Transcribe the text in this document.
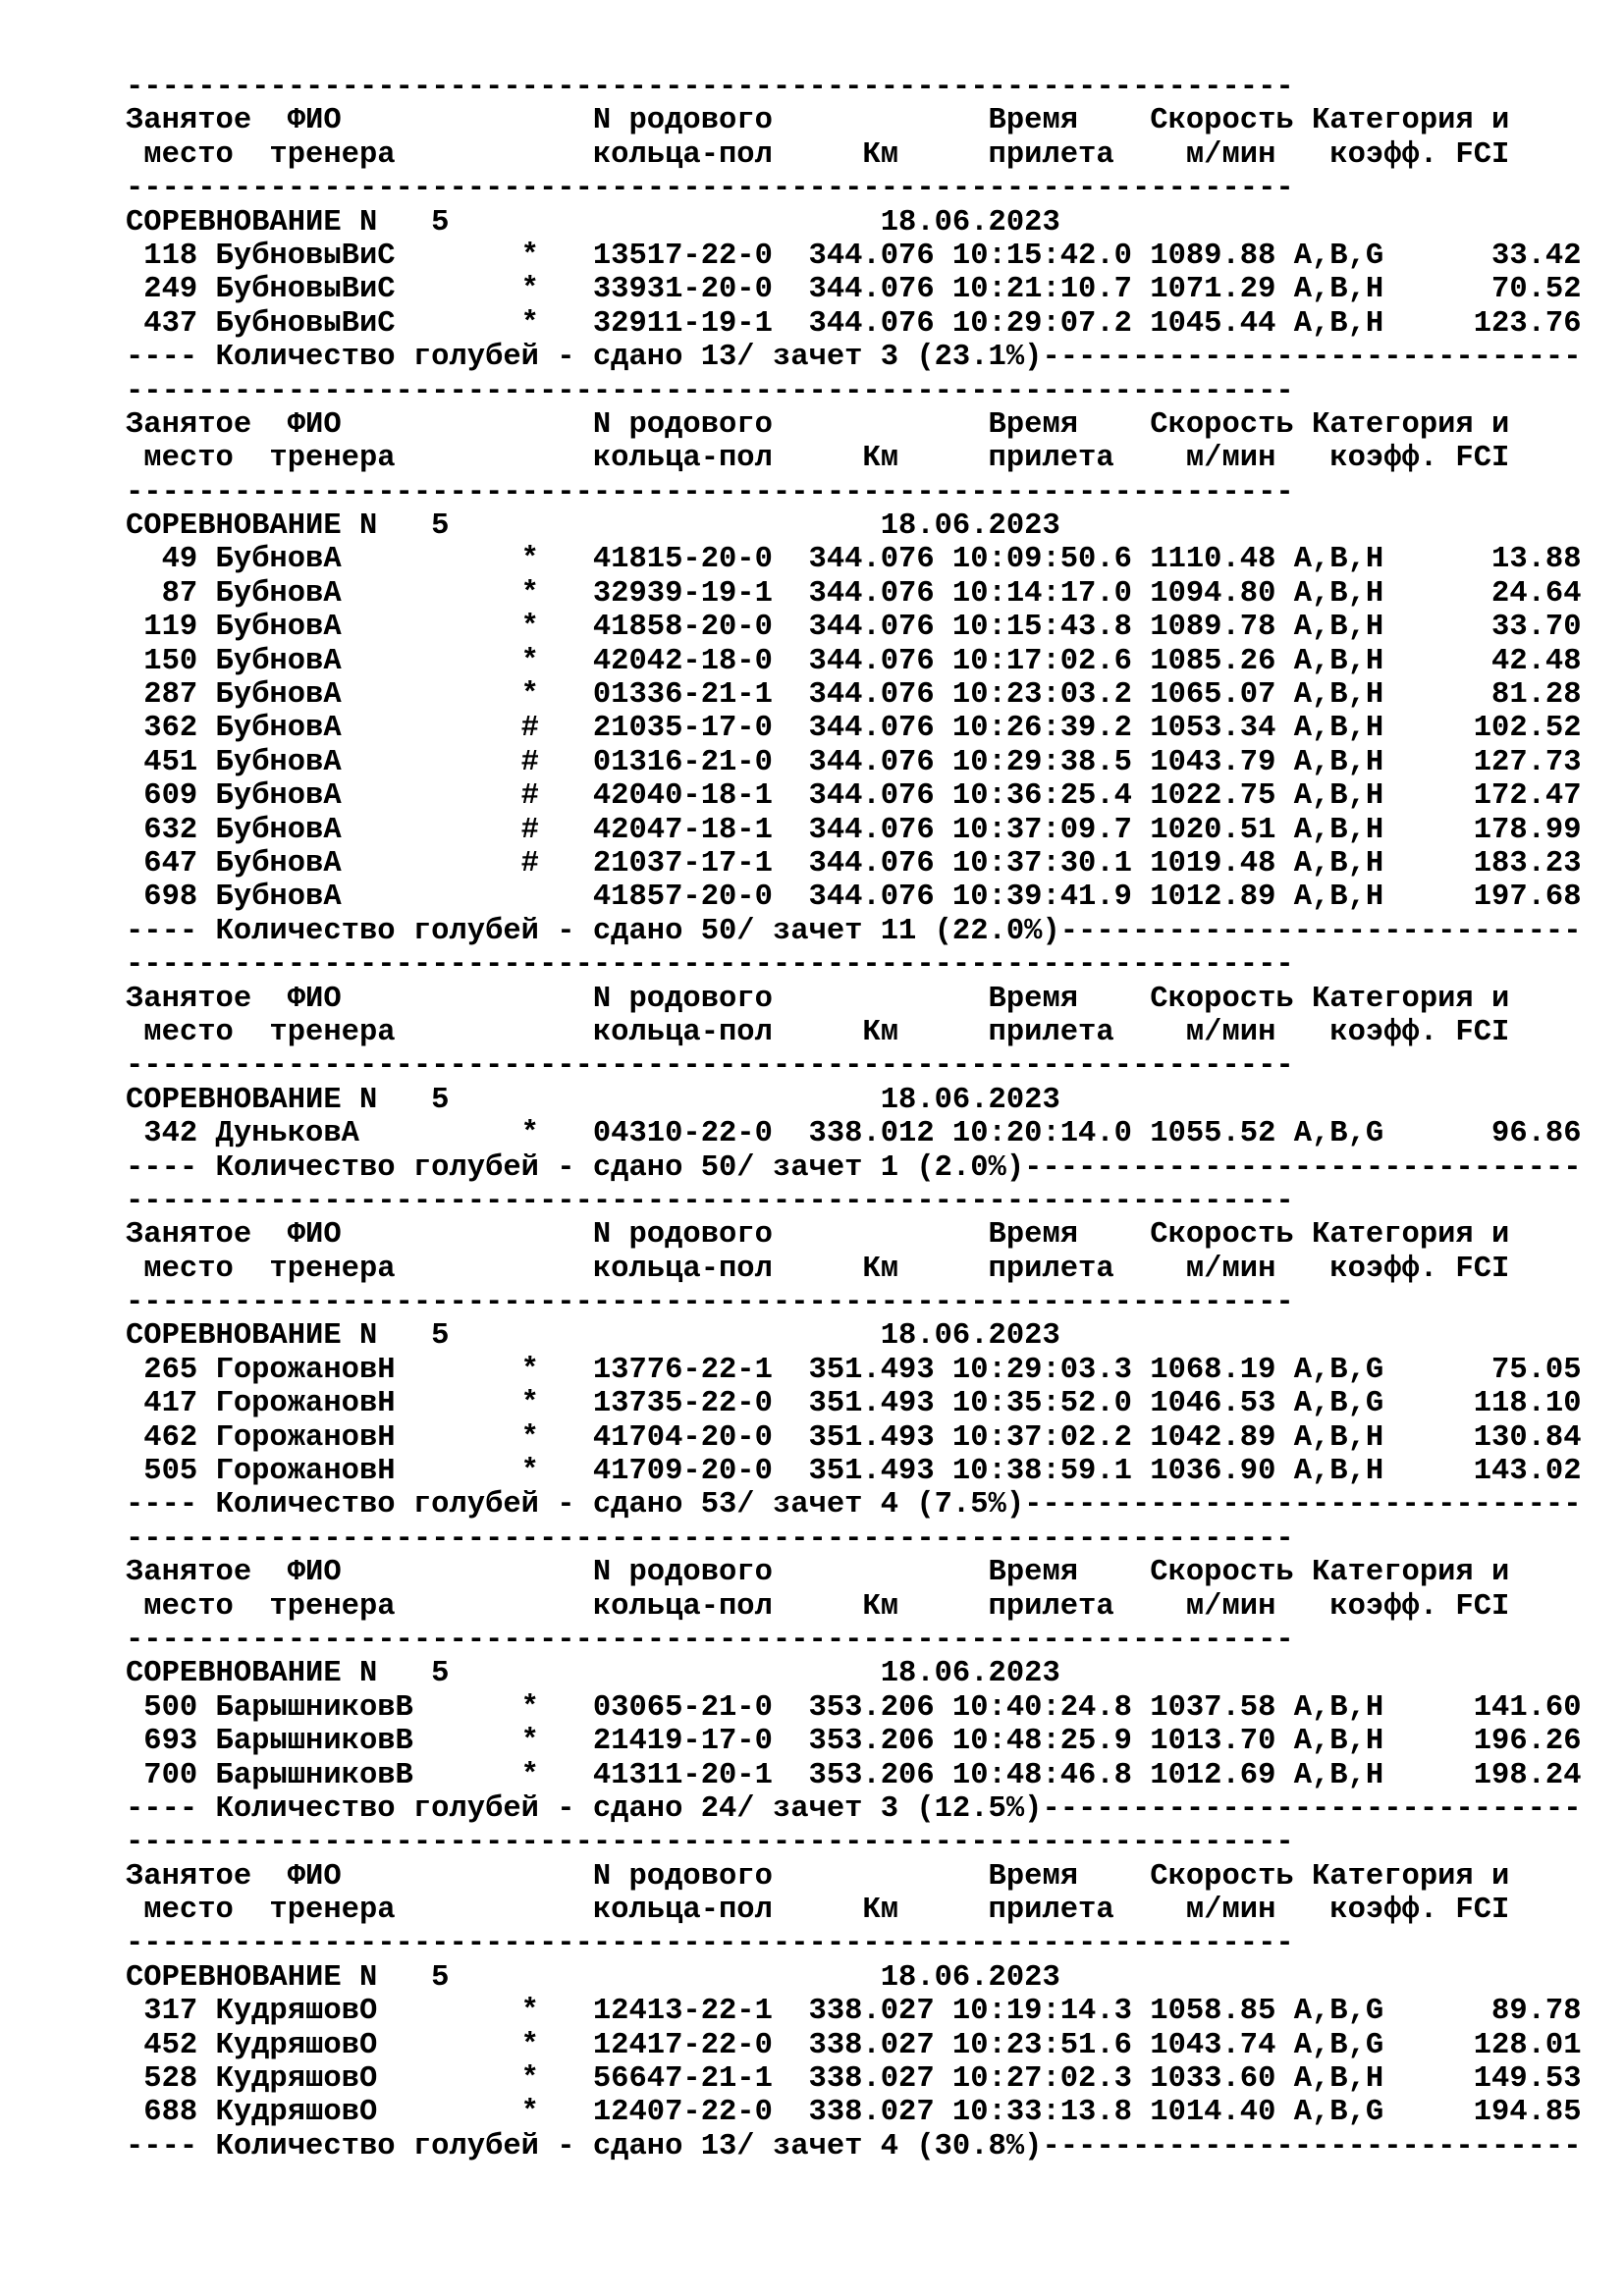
-----------------------------------------------------------------
Занятое  ФИО              N родового            Время    Скорость Категория и
место  тренера           кольца-пол     Км     прилета    м/мин   коэфф. FCI
-----------------------------------------------------------------
СОРЕВНОВАНИЕ N   5                        18.06.2023
118 БубновыВиС       *   13517-22-0  344.076 10:15:42.0 1089.88 A,B,G      33.42
249 БубновыВиС       *   33931-20-0  344.076 10:21:10.7 1071.29 A,B,H      70.52
437 БубновыВиС       *   32911-19-1  344.076 10:29:07.2 1045.44 A,B,H     123.76
---- Количество голубей - сдано 13/ зачет 3 (23.1%)------------------------------
-----------------------------------------------------------------
Занятое  ФИО              N родового            Время    Скорость Категория и
место  тренера           кольца-пол     Км     прилета    м/мин   коэфф. FCI
-----------------------------------------------------------------
СОРЕВНОВАНИЕ N   5                        18.06.2023
49 БубновА          *   41815-20-0  344.076 10:09:50.6 1110.48 A,B,H      13.88
87 БубновА          *   32939-19-1  344.076 10:14:17.0 1094.80 A,B,H      24.64
119 БубновА          *   41858-20-0  344.076 10:15:43.8 1089.78 A,B,H      33.70
150 БубновА          *   42042-18-0  344.076 10:17:02.6 1085.26 A,B,H      42.48
287 БубновА          *   01336-21-1  344.076 10:23:03.2 1065.07 A,B,H      81.28
362 БубновА          #   21035-17-0  344.076 10:26:39.2 1053.34 A,B,H     102.52
451 БубновА          #   01316-21-0  344.076 10:29:38.5 1043.79 A,B,H     127.73
609 БубновА          #   42040-18-1  344.076 10:36:25.4 1022.75 A,B,H     172.47
632 БубновА          #   42047-18-1  344.076 10:37:09.7 1020.51 A,B,H     178.99
647 БубновА          #   21037-17-1  344.076 10:37:30.1 1019.48 A,B,H     183.23
698 БубновА              41857-20-0  344.076 10:39:41.9 1012.89 A,B,H     197.68
---- Количество голубей - сдано 50/ зачет 11 (22.0%)-----------------------------
-----------------------------------------------------------------
Занятое  ФИО              N родового            Время    Скорость Категория и
место  тренера           кольца-пол     Км     прилета    м/мин   коэфф. FCI
-----------------------------------------------------------------
СОРЕВНОВАНИЕ N   5                        18.06.2023
342 ДуньковА         *   04310-22-0  338.012 10:20:14.0 1055.52 A,B,G      96.86
---- Количество голубей - сдано 50/ зачет 1 (2.0%)-------------------------------
-----------------------------------------------------------------
Занятое  ФИО              N родового            Время    Скорость Категория и
место  тренера           кольца-пол     Км     прилета    м/мин   коэфф. FCI
-----------------------------------------------------------------
СОРЕВНОВАНИЕ N   5                        18.06.2023
265 ГорожановН       *   13776-22-1  351.493 10:29:03.3 1068.19 A,B,G      75.05
417 ГорожановН       *   13735-22-0  351.493 10:35:52.0 1046.53 A,B,G     118.10
462 ГорожановН       *   41704-20-0  351.493 10:37:02.2 1042.89 A,B,H     130.84
505 ГорожановН       *   41709-20-0  351.493 10:38:59.1 1036.90 A,B,H     143.02
---- Количество голубей - сдано 53/ зачет 4 (7.5%)-------------------------------
-----------------------------------------------------------------
Занятое  ФИО              N родового            Время    Скорость Категория и
место  тренера           кольца-пол     Км     прилета    м/мин   коэфф. FCI
-----------------------------------------------------------------
СОРЕВНОВАНИЕ N   5                        18.06.2023
500 БарышниковВ      *   03065-21-0  353.206 10:40:24.8 1037.58 A,B,H     141.60
693 БарышниковВ      *   21419-17-0  353.206 10:48:25.9 1013.70 A,B,H     196.26
700 БарышниковВ      *   41311-20-1  353.206 10:48:46.8 1012.69 A,B,H     198.24
---- Количество голубей - сдано 24/ зачет 3 (12.5%)------------------------------
-----------------------------------------------------------------
Занятое  ФИО              N родового            Время    Скорость Категория и
место  тренера           кольца-пол     Км     прилета    м/мин   коэфф. FCI
-----------------------------------------------------------------
СОРЕВНОВАНИЕ N   5                        18.06.2023
317 КудряшовО        *   12413-22-1  338.027 10:19:14.3 1058.85 A,B,G      89.78
452 КудряшовО        *   12417-22-0  338.027 10:23:51.6 1043.74 A,B,G     128.01
528 КудряшовО        *   56647-21-1  338.027 10:27:02.3 1033.60 A,B,H     149.53
688 КудряшовО        *   12407-22-0  338.027 10:33:13.8 1014.40 A,B,G     194.85
---- Количество голубей - сдано 13/ зачет 4 (30.8%)------------------------------
